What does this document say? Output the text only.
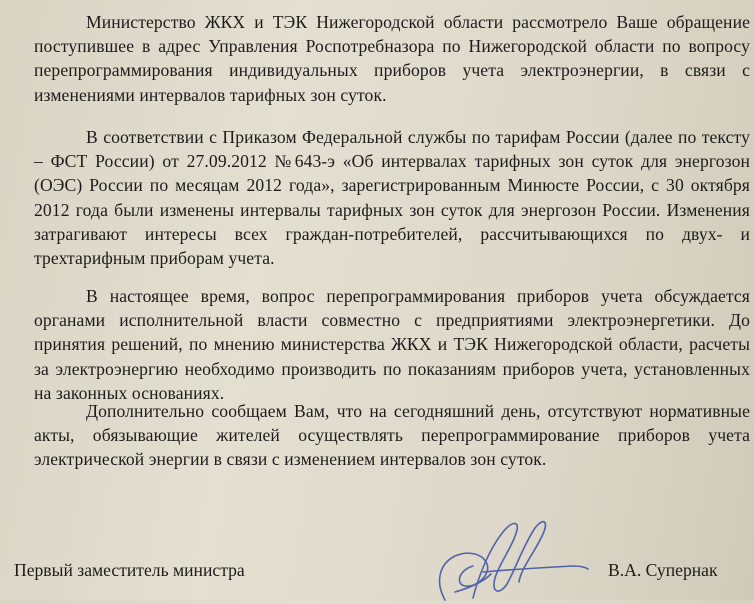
Министерство ЖКХ и ТЭК Нижегородской области рассмотрело Ваше обращение поступившее в адрес Управления Роспотребназора по Нижегородской области по вопросу перепрограммирования индивидуальных приборов учета электроэнергии, в связи с изменениями интервалов тарифных зон суток.

В соответствии с Приказом Федеральной службы по тарифам России (далее по тексту – ФСТ России) от 27.09.2012 №643-э «Об интервалах тарифных зон суток для энергозон (ОЭС) России по месяцам 2012 года», зарегистрированным Минюсте России, с 30 октября 2012 года были изменены интервалы тарифных зон суток для энергозон России. Изменения затрагивают интересы всех граждан-потребителей, рассчитывающихся по двух- и трехтарифным приборам учета.

В настоящее время, вопрос перепрограммирования приборов учета обсуждается органами исполнительной власти совместно с предприятиями электроэнергетики. До принятия решений, по мнению министерства ЖКХ и ТЭК Нижегородской области, расчеты за электроэнергию необходимо производить по показаниям приборов учета, установленных на законных основаниях.

Дополнительно сообщаем Вам, что на сегодняшний день, отсутствуют нормативные акты, обязывающие жителей осуществлять перепрограммирование приборов учета электрической энергии в связи с изменением интервалов зон суток.

Первый заместитель министра	В.А. Супернак
